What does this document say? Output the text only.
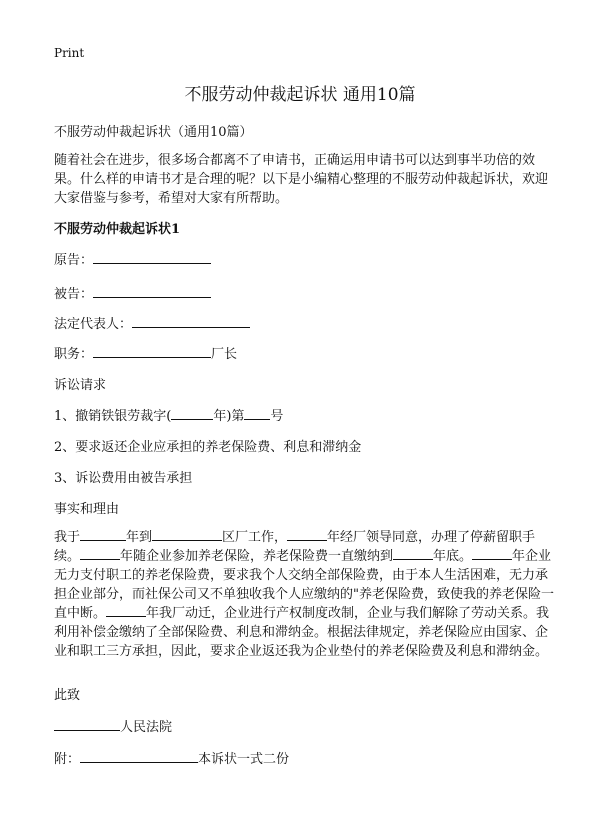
Print
不服劳动仲裁起诉状 通用10篇
不服劳动仲裁起诉状（通用10篇）
随着社会在进步，很多场合都离不了申请书，正确运用申请书可以达到事半功倍的效果。什么样的申请书才是合理的呢？以下是小编精心整理的不服劳动仲裁起诉状，欢迎大家借鉴与参考，希望对大家有所帮助。
不服劳动仲裁起诉状1
原告：
被告：
法定代表人：
职务：	厂长
诉讼请求
1、撤销铁银劳裁字(	年)第 号
2、要求返还企业应承担的养老保险费、利息和滞纳金
3、诉讼费用由被告承担
事实和理由
我于	年到	区厂工作，	年经厂领导同意，办理了停薪留职手续。	年随企业参加养老保险，养老保险费一直缴纳到	年底。	年企业无力支付职工的养老保险费，要求我个人交纳全部保险费，由于本人生活困难，无力承担企业部分，而社保公司又不单独收我个人应缴纳的"养老保险费，致使我的养老保险一直中断。	年我厂动迁，企业进行产权制度改制，企业与我们解除了劳动关系。我利用补偿金缴纳了全部保险费、利息和滞纳金。根据法律规定，养老保险应由国家、企业和职工三方承担，因此，要求企业返还我为企业垫付的养老保险费及利息和滞纳金。
此致
人民法院
附：	本诉状一式二份
